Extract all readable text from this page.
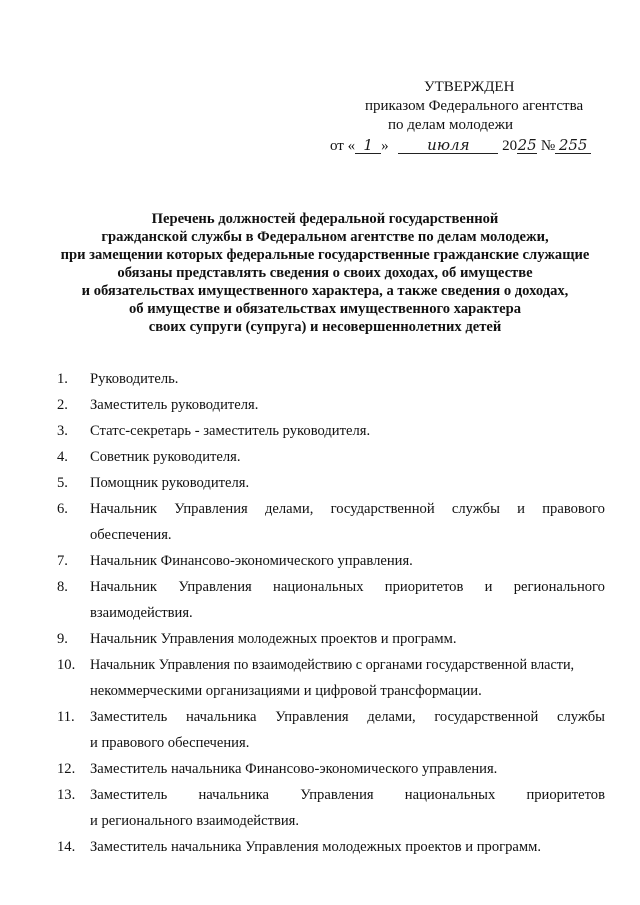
УТВЕРЖДЕН
приказом Федерального агентства
по делам молодежи
от « 1 »	июля 2025 № 255
Перечень должностей федеральной государственной
гражданской службы в Федеральном агентстве по делам молодежи,
при замещении которых федеральные государственные гражданские служащие
обязаны представлять сведения о своих доходах, об имуществе
и обязательствах имущественного характера, а также сведения о доходах,
об имуществе и обязательствах имущественного характера
своих супруги (супруга) и несовершеннолетних детей
1. Руководитель.
2. Заместитель руководителя.
3. Статс-секретарь - заместитель руководителя.
4. Советник руководителя.
5. Помощник руководителя.
6. Начальник Управления делами, государственной службы и правового
обеспечения.
7. Начальник Финансово-экономического управления.
8. Начальник Управления национальных приоритетов и регионального
взаимодействия.
9. Начальник Управления молодежных проектов и программ.
10. Начальник Управления по взаимодействию с органами государственной власти,
некоммерческими организациями и цифровой трансформации.
11. Заместитель начальника Управления делами, государственной службы
и правового обеспечения.
12. Заместитель начальника Финансово-экономического управления.
13. Заместитель начальника Управления национальных приоритетов
и регионального взаимодействия.
14. Заместитель начальника Управления молодежных проектов и программ.
